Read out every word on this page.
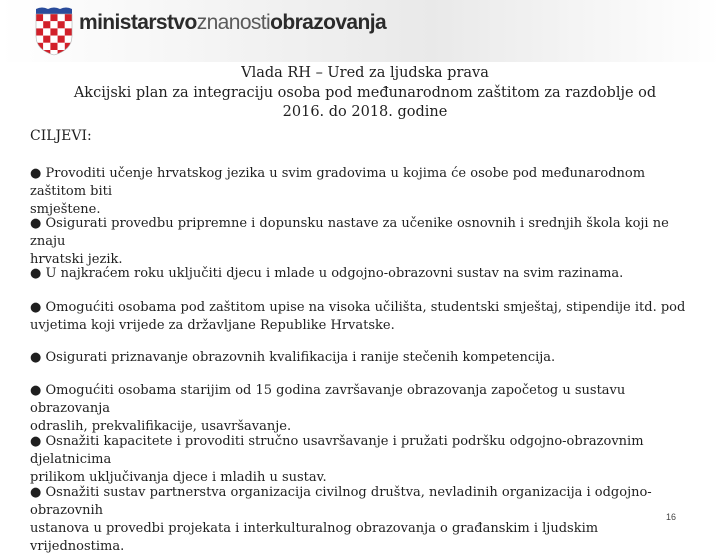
ministarstvoznanostiobrazovanja
Vlada RH – Ured za ljudska prava
Akcijski plan za integraciju osoba pod međunarodnom zaštitom za razdoblje od
2016. do 2018. godine
CILJEVI:
● Provoditi učenje hrvatskog jezika u svim gradovima u kojima će osobe pod međunarodnom zaštitom biti
smještene.
● Osigurati provedbu pripremne i dopunsku nastave za učenike osnovnih i srednjih škola koji ne znaju
hrvatski jezik.
● U najkraćem roku uključiti djecu i mlade u odgojno-obrazovni sustav na svim razinama.
● Omogućiti osobama pod zaštitom upise na visoka učilišta, studentski smještaj, stipendije itd. pod
uvjetima koji vrijede za državljane Republike Hrvatske.
● Osigurati priznavanje obrazovnih kvalifikacija i ranije stečenih kompetencija.
● Omogućiti osobama starijim od 15 godina završavanje obrazovanja započetog u sustavu obrazovanja
odraslih, prekvalifikacije, usavršavanje.
● Osnažiti kapacitete i provoditi stručno usavršavanje i pružati podršku odgojno-obrazovnim djelatnicima
prilikom uključivanja djece i mladih u sustav.
● Osnažiti sustav partnerstva organizacija civilnog društva, nevladinih organizacija i odgojno-obrazovnih
ustanova u provedbi projekata i interkulturalnog obrazovanja o građanskim i ljudskim vrijednostima.
16
